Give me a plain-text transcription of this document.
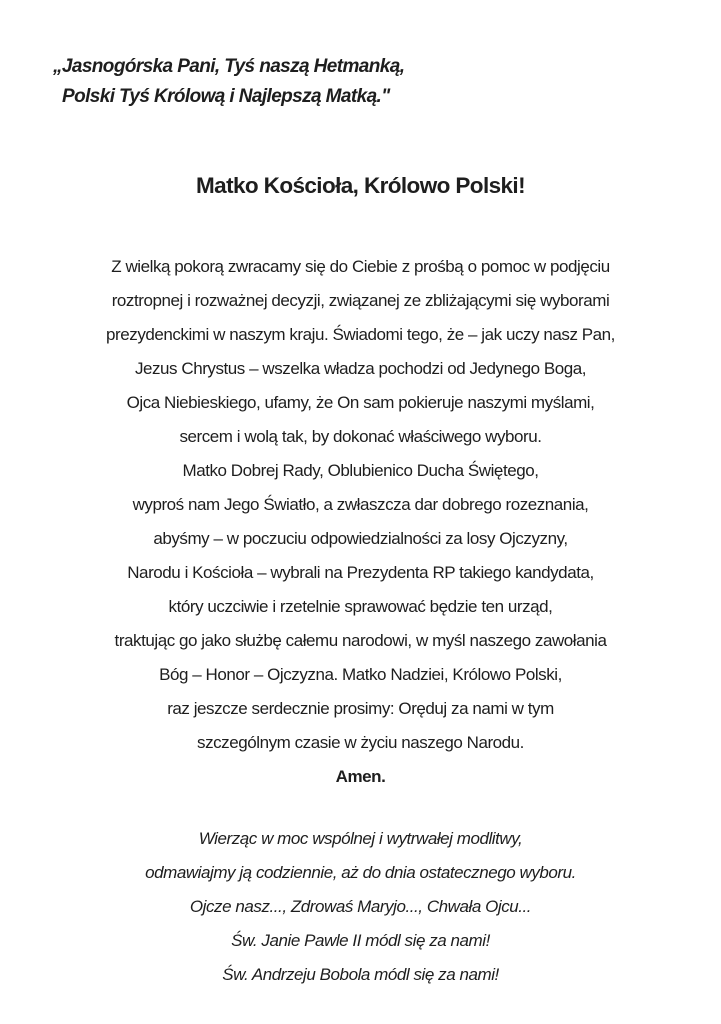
„Jasnogórska Pani, Tyś naszą Hetmanką,
Polski Tyś Królową i Najlepszą Matką."
Matko Kościoła, Królowo Polski!
Z wielką pokorą zwracamy się do Ciebie z prośbą o pomoc w podjęciu
roztropnej i rozważnej decyzji, związanej ze zbliżającymi się wyborami
prezydenckimi w naszym kraju. Świadomi tego, że – jak uczy nasz Pan,
Jezus Chrystus – wszelka władza pochodzi od Jedynego Boga,
Ojca Niebieskiego, ufamy, że On sam pokieruje naszymi myślami,
sercem i wolą tak, by dokonać właściwego wyboru.
Matko Dobrej Rady, Oblubienico Ducha Świętego,
wyproś nam Jego Światło, a zwłaszcza dar dobrego rozeznania,
abyśmy – w poczuciu odpowiedzialności za losy Ojczyzny,
Narodu i Kościoła – wybrali na Prezydenta RP takiego kandydata,
który uczciwie i rzetelnie sprawować będzie ten urząd,
traktując go jako służbę całemu narodowi, w myśl naszego zawołania
Bóg – Honor – Ojczyzna. Matko Nadziei, Królowo Polski,
raz jeszcze serdecznie prosimy: Oręduj za nami w tym
szczególnym czasie w życiu naszego Narodu.
Amen.
Wierząc w moc wspólnej i wytrwałej modlitwy,
odmawiajmy ją codziennie, aż do dnia ostatecznego wyboru.
Ojcze nasz..., Zdrowaś Maryjo..., Chwała Ojcu...
Św. Janie Pawle II módl się za nami!
Św. Andrzeju Bobola módl się za nami!
